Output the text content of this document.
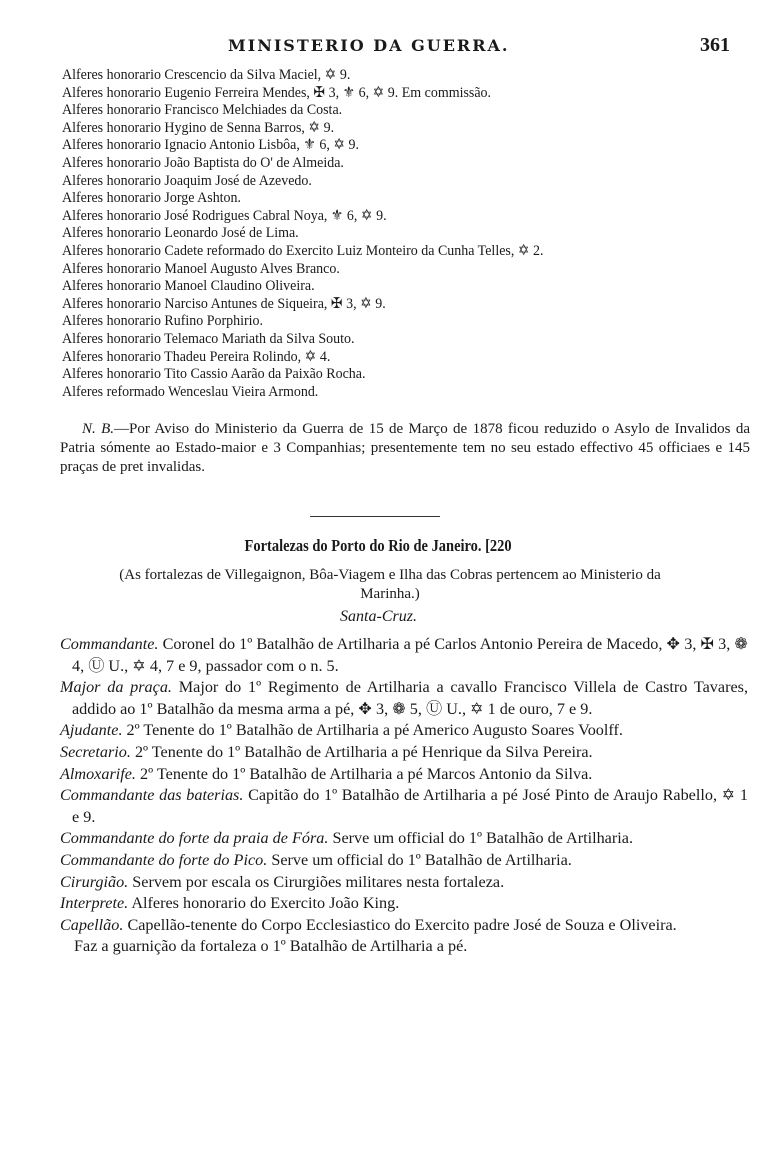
MINISTERIO DA GUERRA.	361
Alferes honorario Crescencio da Silva Maciel, ✡ 9.
Alferes honorario Eugenio Ferreira Mendes, ✠ 3, ⚜ 6, ✡ 9. Em commissão.
Alferes honorario Francisco Melchiades da Costa.
Alferes honorario Hygino de Senna Barros, ✡ 9.
Alferes honorario Ignacio Antonio Lisbôa, ⚜ 6, ✡ 9.
Alferes honorario João Baptista do O' de Almeida.
Alferes honorario Joaquim José de Azevedo.
Alferes honorario Jorge Ashton.
Alferes honorario José Rodrigues Cabral Noya, ⚜ 6, ✡ 9.
Alferes honorario Leonardo José de Lima.
Alferes honorario Cadete reformado do Exercito Luiz Monteiro da Cunha Telles, ✡ 2.
Alferes honorario Manoel Augusto Alves Branco.
Alferes honorario Manoel Claudino Oliveira.
Alferes honorario Narciso Antunes de Siqueira, ✠ 3, ✡ 9.
Alferes honorario Rufino Porphirio.
Alferes honorario Telemaco Mariath da Silva Souto.
Alferes honorario Thadeu Pereira Rolindo, ✡ 4.
Alferes honorario Tito Cassio Aarão da Paixão Rocha.
Alferes reformado Wenceslau Vieira Armond.
N. B.—Por Aviso do Ministerio da Guerra de 15 de Março de 1878 ficou reduzido o Asylo de Invalidos da Patria sómente ao Estado-maior e 3 Companhias; presentemente tem no seu estado effectivo 45 officiaes e 145 praças de pret invalidas.
Fortalezas do Porto do Rio de Janeiro. [220
(As fortalezas de Villegaignon, Bôa-Viagem e Ilha das Cobras pertencem ao Ministerio da Marinha.)
Santa-Cruz.
Commandante. Coronel do 1º Batalhão de Artilharia a pé Carlos Antonio Pereira de Macedo, ✥ 3, ✠ 3, ❁ 4, Ⓤ U., ✡ 4, 7 e 9, passador com o n. 5.
Major da praça. Major do 1º Regimento de Artilharia a cavallo Francisco Villela de Castro Tavares, addido ao 1º Batalhão da mesma arma a pé, ✥ 3, ❁ 5, Ⓤ U., ✡ 1 de ouro, 7 e 9.
Ajudante. 2º Tenente do 1º Batalhão de Artilharia a pé Americo Augusto Soares Voolff.
Secretario. 2º Tenente do 1º Batalhão de Artilharia a pé Henrique da Silva Pereira.
Almoxarife. 2º Tenente do 1º Batalhão de Artilharia a pé Marcos Antonio da Silva.
Commandante das baterias. Capitão do 1º Batalhão de Artilharia a pé José Pinto de Araujo Rabello, ✡ 1 e 9.
Commandante do forte da praia de Fóra. Serve um official do 1º Batalhão de Artilharia.
Commandante do forte do Pico. Serve um official do 1º Batalhão de Artilharia.
Cirurgião. Servem por escala os Cirurgiões militares nesta fortaleza.
Interprete. Alferes honorario do Exercito João King.
Capellão. Capellão-tenente do Corpo Ecclesiastico do Exercito padre José de Souza e Oliveira.
Faz a guarnição da fortaleza o 1º Batalhão de Artilharia a pé.
